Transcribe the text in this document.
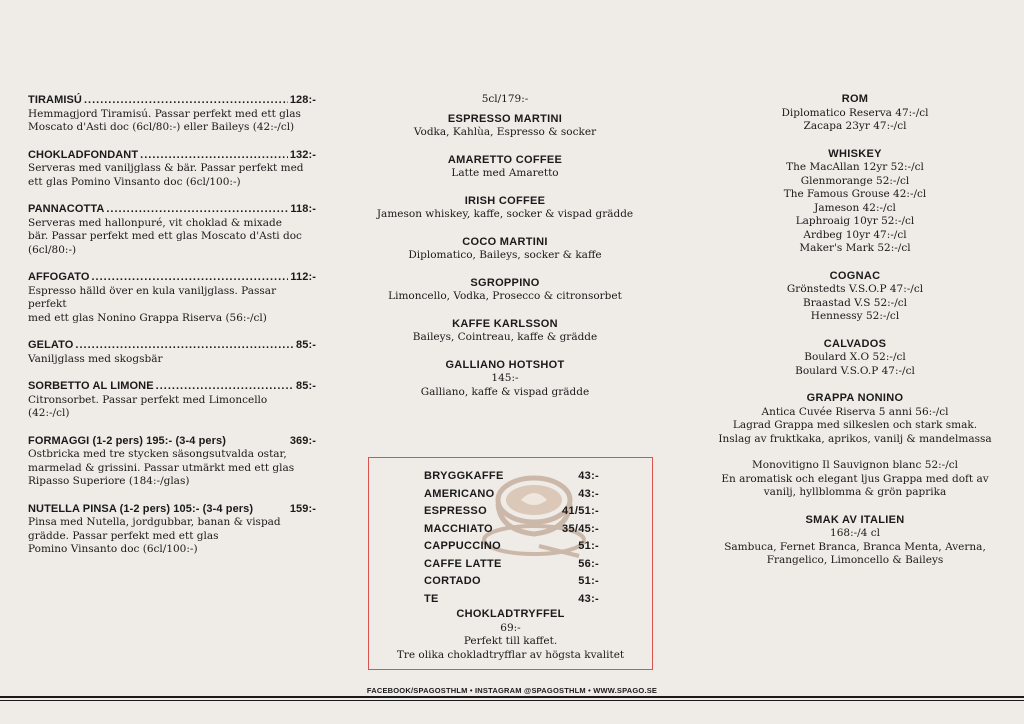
TIRAMISÚ .....	128:-
Hemmagjord Tiramisú. Passar perfekt med ett glas
Moscato d'Asti doc (6cl/80:-) eller Baileys (42:-/cl)
CHOKLADFONDANT .....	132:-
Serveras med vaniljglass & bär. Passar perfekt med
ett glas Pomino Vinsanto doc (6cl/100:-)
PANNACOTTA .....	118:-
Serveras med hallonpuré, vit choklad & mixade
bär. Passar perfekt med ett glas Moscato d'Asti doc
(6cl/80:-)
AFFOGATO .....	112:-
Espresso hälld över en kula vaniljglass. Passar perfekt
med ett glas Nonino Grappa Riserva (56:-/cl)
GELATO .....	85:-
Vaniljglass med skogsbär
SORBETTO AL LIMONE .....	85:-
Citronsorbet. Passar perfekt med Limoncello
(42:-/cl)
FORMAGGI (1-2 pers) 195:- (3-4 pers)	369:-
Ostbricka med tre stycken säsongsutvalda ostar,
marmelad & grissini. Passar utmärkt med ett glas
Ripasso Superiore (184:-/glas)
NUTELLA PINSA (1-2 pers) 105:- (3-4 pers)	159:-
Pinsa med Nutella, jordgubbar, banan & vispad
grädde. Passar perfekt med ett glas
Pomino Vinsanto doc (6cl/100:-)
5cl/179:-
ESPRESSO MARTINI
Vodka, Kahlùa, Espresso & socker
AMARETTO COFFEE
Latte med Amaretto
IRISH COFFEE
Jameson whiskey, kaffe, socker & vispad grädde
COCO MARTINI
Diplomatico, Baileys, socker & kaffe
SGROPPINO
Limoncello, Vodka, Prosecco & citronsorbet
KAFFE KARLSSON
Baileys, Cointreau, kaffe & grädde
GALLIANO HOTSHOT
145:-
Galliano, kaffe & vispad grädde
BRYGGKAFFE	43:-
AMERICANO	43:-
ESPRESSO	41/51:-
MACCHIATO	35/45:-
CAPPUCCINO	51:-
CAFFE LATTE	56:-
CORTADO	51:-
TE	43:-
CHOKLADTRYFFEL
69:-
Perfekt till kaffet.
Tre olika chokladtryfflar av högsta kvalitet
ROM
Diplomatico Reserva 47:-/cl
Zacapa 23yr 47:-/cl
WHISKEY
The MacAllan 12yr 52:-/cl
Glenmorange 52:-/cl
The Famous Grouse 42:-/cl
Jameson 42:-/cl
Laphroaig 10yr 52:-/cl
Ardbeg 10yr 47:-/cl
Maker's Mark 52:-/cl
COGNAC
Grönstedts V.S.O.P 47:-/cl
Braastad V.S 52:-/cl
Hennessy 52:-/cl
CALVADOS
Boulard X.O 52:-/cl
Boulard V.S.O.P 47:-/cl
GRAPPA NONINO
Antica Cuvée Riserva 5 anni 56:-/cl
Lagrad Grappa med silkeslen och stark smak.
Inslag av fruktkaka, aprikos, vanilj & mandelmassa
Monovitigno Il Sauvignon blanc 52:-/cl
En aromatisk och elegant ljus Grappa med doft av
vanilj, hyllblomma & grön paprika
SMAK AV ITALIEN
168:-/4 cl
Sambuca, Fernet Branca, Branca Menta, Averna,
Frangelico, Limoncello & Baileys
FACEBOOK/SPAGOSTHLM • INSTAGRAM @SPAGOSTHLM • WWW.SPAGO.SE
